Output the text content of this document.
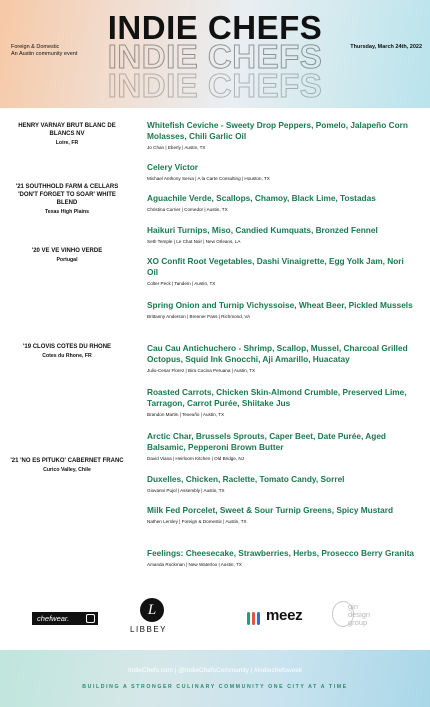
INDIE CHEFS
INDIE CHEFS
INDIE CHEFS
Foreign & Domestic
An Austin community event
Thursday, March 24th, 2022
HENRY VARNAY BRUT BLANC DE BLANCS NV
Loire, FR
'21 SOUTHHOLD FARM & CELLARS 'DON'T FORGET TO SOAR' WHITE BLEND
Texas High Plains
'20 VE VE VINHO VERDE
Portugal
'19 CLOVIS COTES DU RHONE
Cotes du Rhone, FR
'21 'NO ES PITUKO' CABERNET FRANC
Curico Valley, Chile
Whitefish Ceviche - Sweety Drop Peppers, Pomelo, Jalapeño Corn Molasses, Chili Garlic Oil
Jo Chan | Eberly | Austin, TX
Celery Victor
Michael Anthony Serva | A la Carte Consulting | Houston, TX
Aguachile Verde, Scallops, Chamoy, Black Lime, Tostadas
Christina Currier | Comedor | Austin, TX
Haikuri Turnips, Miso, Candied Kumquats, Bronzed Fennel
Seth Temple | Le Chat Noir | New Orleans, LA
XO Confit Root Vegetables, Dashi Vinaigrette, Egg Yolk Jam, Nori Oil
Colter Peck | Tandem | Austin, TX
Spring Onion and Turnip Vichyssoise, Wheat Beer, Pickled Mussels
Brittanny Anderson | Brenner Pass | Richmond, VA
Cau Cau Antichuchero - Shrimp, Scallop, Mussel, Charcoal Grilled Octopus, Squid Ink Gnocchi, Aji Amarillo, Huacatay
Julio-Cesar Florez | Bira Cocina Peruana | Austin, TX
Roasted Carrots, Chicken Skin-Almond Crumble, Preserved Lime, Tarragon, Carrot Purée, Shiitake Jus
Brandon Martin | Texeuño | Austin, TX
Arctic Char, Brussels Sprouts, Caper Beet, Date Purée, Aged Balsamic, Pepperoni Brown Butter
David Viana | Heirloom Kitchen | Old Bridge, NJ
Duxelles, Chicken, Raclette, Tomato Candy, Sorrel
Giovanni Pujol | Assembly | Austin, TX
Milk Fed Porcelet, Sweet & Sour Turnip Greens, Spicy Mustard
Nathen Lemley | Foreign & Domestic | Austin, TX
Feelings: Cheesecake, Strawberries, Herbs, Prosecco Berry Granita
Amanda Rockman | New Waterloo | Austin, TX
chefwear.
L
LIBBEY
meez
gin
design
group
IndieChefs.com | @IndieChefsCommunity | #indiechefsweek
BUILDING A STRONGER CULINARY COMMUNITY ONE CITY AT A TIME
